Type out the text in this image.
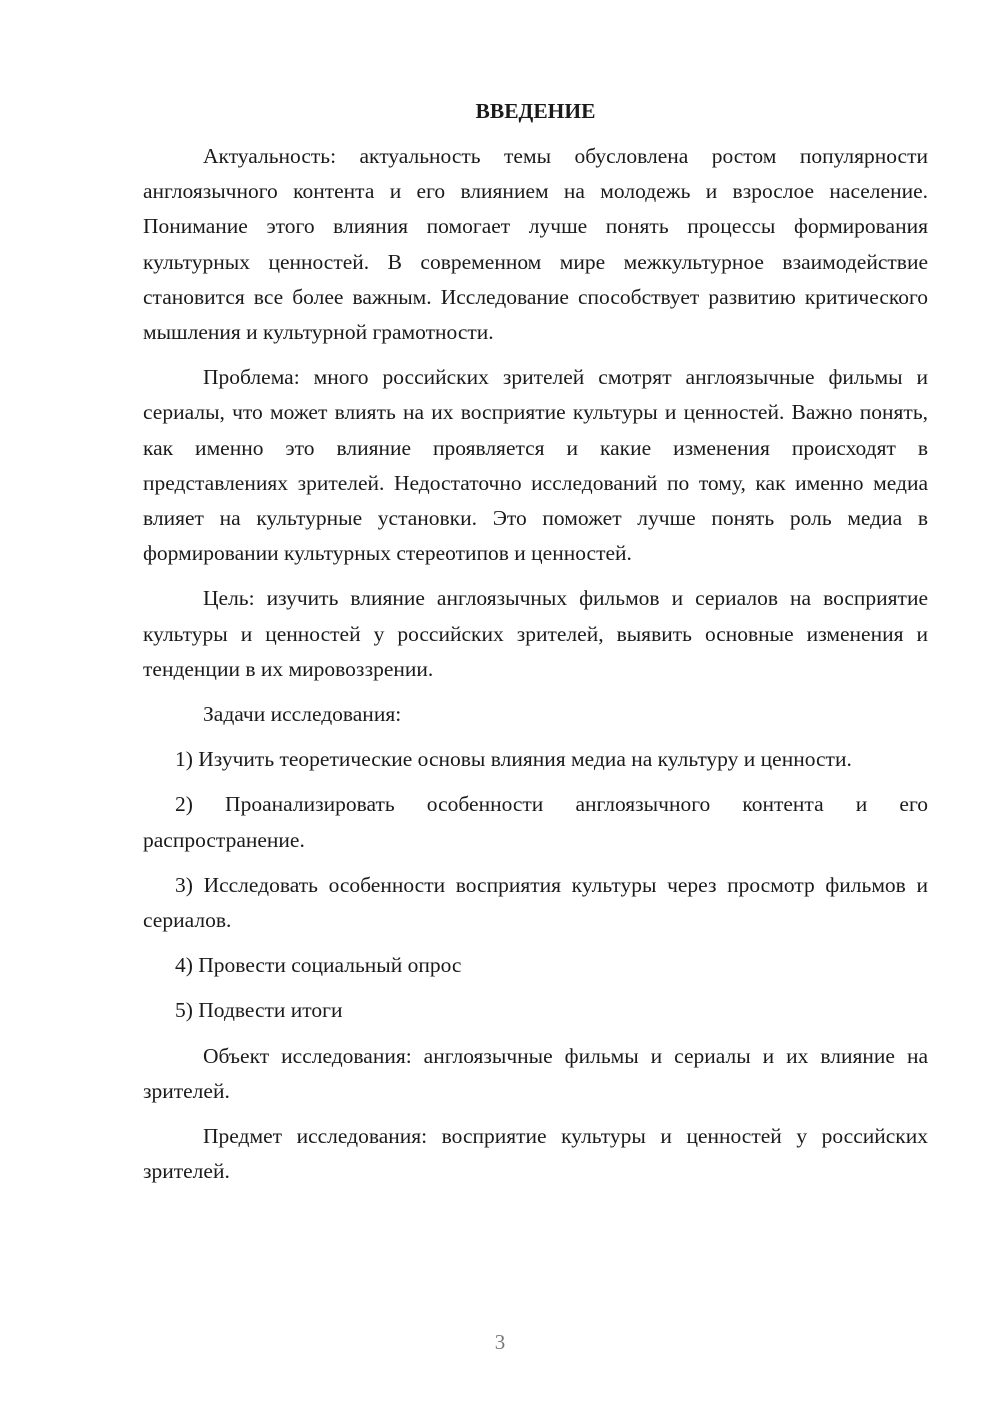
ВВЕДЕНИЕ

Актуальность: актуальность темы обусловлена ростом популярности англоязычного контента и его влиянием на молодежь и взрослое население. Понимание этого влияния помогает лучше понять процессы формирования культурных ценностей. В современном мире межкультурное взаимодействие становится все более важным. Исследование способствует развитию критического мышления и культурной грамотности.

Проблема: много российских зрителей смотрят англоязычные фильмы и сериалы, что может влиять на их восприятие культуры и ценностей. Важно понять, как именно это влияние проявляется и какие изменения происходят в представлениях зрителей. Недостаточно исследований по тому, как именно медиа влияет на культурные установки. Это поможет лучше понять роль медиа в формировании культурных стереотипов и ценностей.

Цель: изучить влияние англоязычных фильмов и сериалов на восприятие культуры и ценностей у российских зрителей, выявить основные изменения и тенденции в их мировоззрении.

Задачи исследования:

1) Изучить теоретические основы влияния медиа на культуру и ценности.

2) Проанализировать особенности англоязычного контента и его распространение.

3) Исследовать особенности восприятия культуры через просмотр фильмов и сериалов.

4) Провести социальный опрос

5) Подвести итоги

Объект исследования: англоязычные фильмы и сериалы и их влияние на зрителей.

Предмет исследования: восприятие культуры и ценностей у российских зрителей.

3
